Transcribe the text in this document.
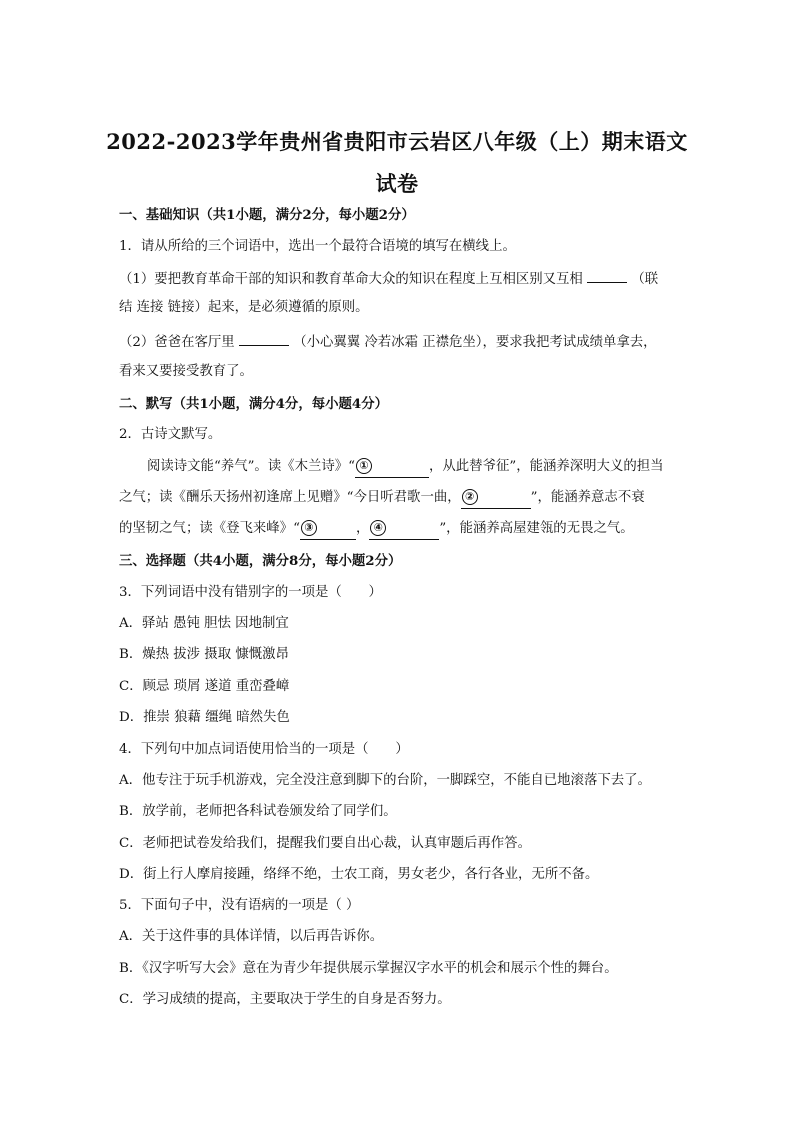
2022-2023学年贵州省贵阳市云岩区八年级（上）期末语文
试卷
一、基础知识（共1小题，满分2分，每小题2分）
1．请从所给的三个词语中，选出一个最符合语境的填写在横线上。
（1）要把教育革命干部的知识和教育革命大众的知识在程度上互相区别又互相	（联
结 连接 链接）起来，是必须遵循的原则。
（2）爸爸在客厅里	（小心翼翼 冷若冰霜 正襟危坐），要求我把考试成绩单拿去，
看来又要接受教育了。
二、默写（共1小题，满分4分，每小题4分）
2．古诗文默写。
阅读诗文能“养气”。读《木兰诗》“ ①	，从此替爷征”，能涵养深明大义的担当
之气；读《酬乐天扬州初逢席上见赠》“今日听君歌一曲， ②	”，能涵养意志不衰
的坚韧之气；读《登飞来峰》“ ③	， ④	”，能涵养高屋建瓴的无畏之气。
三、选择题（共4小题，满分8分，每小题2分）
3．下列词语中没有错别字的一项是（　　）
A．驿站 愚钝 胆怯 因地制宜
B．燥热 拔涉 摄取 慷慨激昂
C．顾忌 琐屑 遂道 重峦叠嶂
D．推崇 狼藉 缰绳 暗然失色
4．下列句中加点词语使用恰当的一项是（　　）
A．他专注于玩手机游戏，完全没注意到脚下的台阶，一脚踩空，不能自已地滚落下去了。
B．放学前，老师把各科试卷颁发给了同学们。
C．老师把试卷发给我们，提醒我们要自出心裁，认真审题后再作答。
D．街上行人摩肩接踵，络绎不绝，士农工商，男女老少，各行各业，无所不备。
5．下面句子中，没有语病的一项是（ ）
A．关于这件事的具体详情，以后再告诉你。
B．《汉字听写大会》意在为青少年提供展示掌握汉字水平的机会和展示个性的舞台。
C．学习成绩的提高，主要取决于学生的自身是否努力。
